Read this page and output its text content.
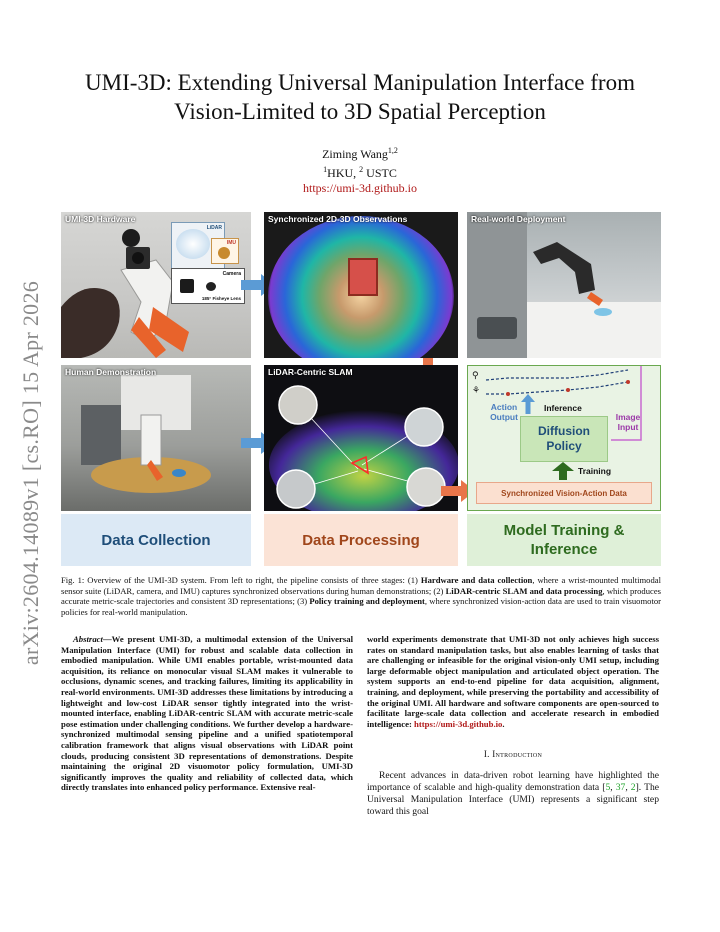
arXiv:2604.14089v1 [cs.RO] 15 Apr 2026
UMI-3D: Extending Universal Manipulation Interface from
Vision-Limited to 3D Spatial Perception
Ziming Wang$^{1,2}$
$^1$HKU, $^2$ USTC
https://umi-3d.github.io
UMI-3D Hardware
LiDAR
IMU
Camera
185° Fisheye Lens
Synchronized 2D-3D Observations	Real-world Deployment
Human Demonstration	LiDAR-Centric SLAM	⚲
⚘
Action
Output
Inference
Image
Input
Diffusion
Policy
Training
Synchronized Vision-Action Data
Data Collection	Data Processing
Model Training &
Inference
Fig. 1: Overview of the UMI-3D system. From left to right, the pipeline consists of three stages: (1) Hardware and data collection, where a wrist-mounted multimodal sensor suite (LiDAR, camera, and IMU) captures synchronized observations during human demonstrations; (2) LiDAR-centric SLAM and data processing, which produces accurate metric-scale trajectories and consistent 3D representations; (3) Policy training and deployment, where synchronized vision-action data are used to train visuomotor policies for real-world manipulation.

Abstract—We present UMI-3D, a multimodal extension of the Universal Manipulation Interface (UMI) for robust and scalable data collection in embodied manipulation. While UMI enables portable, wrist-mounted data acquisition, its reliance on monocular visual SLAM makes it vulnerable to occlusions, dynamic scenes, and tracking failures, limiting its applicability in real-world environments. UMI-3D addresses these limitations by introducing a lightweight and low-cost LiDAR sensor tightly integrated into the wrist-mounted interface, enabling LiDAR-centric SLAM with accurate metric-scale pose estimation under challenging conditions. We further develop a hardware-synchronized multimodal sensing pipeline and a unified spatiotemporal calibration framework that aligns visual observations with LiDAR point clouds, producing consistent 3D representations of demonstrations. Despite maintaining the original 2D visuomotor policy formulation, UMI-3D significantly improves the quality and reliability of collected data, which directly translates into enhanced policy performance. Extensive real-

world experiments demonstrate that UMI-3D not only achieves high success rates on standard manipulation tasks, but also enables learning of tasks that are challenging or infeasible for the original vision-only UMI setup, including large deformable object manipulation and articulated object operation. The system supports an end-to-end pipeline for data acquisition, alignment, training, and deployment, while preserving the portability and accessibility of the original UMI. All hardware and software components are open-sourced to facilitate large-scale data collection and accelerate research in embodied intelligence: https://umi-3d.github.io.

I. Introduction

Recent advances in data-driven robot learning have highlighted the importance of scalable and high-quality demonstration data [5, 37, 2]. The Universal Manipulation Interface (UMI) represents a significant step toward this goal
